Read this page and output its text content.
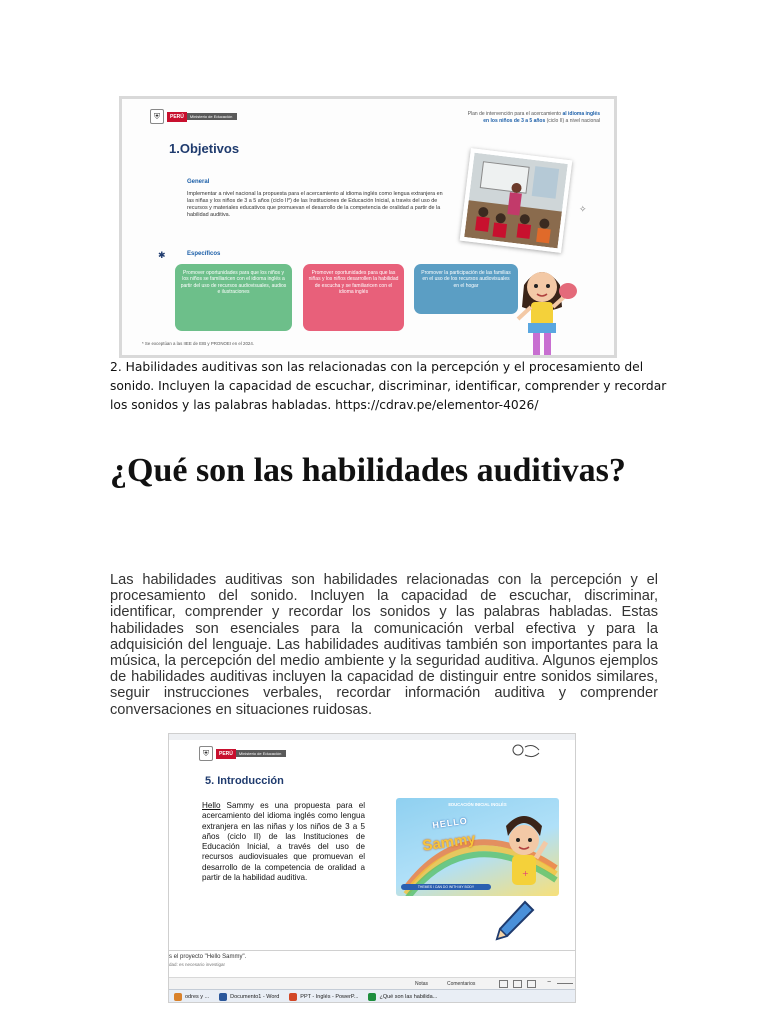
⛨	PERÚ	Ministerio de Educación	Plan de intervención para el acercamiento al idioma inglés
en los niños de 3 a 5 años (ciclo II) a nivel nacional
1.Objetivos
General
Implementar a nivel nacional la propuesta para el acercamiento al idioma inglés como lengua extranjera en las niñas y los niños de 3 a 5 años (ciclo II*) de las Instituciones de Educación Inicial, a través del uso de recursos y materiales educativos que promuevan el desarrollo de la competencia de oralidad a partir de la habilidad auditiva.
✱	Específicos
Promover oportunidades para que los niños y los niños se familiaricen con el idioma inglés a partir del uso de recursos audiovisuales, audios e ilustraciones
Promover oportunidades para que las niñas y los niños desarrollen la habilidad de escucha y se familiaricen con el idioma inglés
Promover la participación de las familias en el uso de los recursos audiovisuales en el hogar
✧
* Se exceptúan a las IIEE de EIB y PRONOEI en el 2024.
2. Habilidades auditivas son las relacionadas con la percepción y el procesamiento del sonido. Incluyen la capacidad de escuchar, discriminar, identificar, comprender y recordar los sonidos y las palabras habladas. https://cdrav.pe/elementor-4026/
¿Qué son las habilidades auditivas?

Las habilidades auditivas son habilidades relacionadas con la percepción y el procesamiento del sonido. Incluyen la capacidad de escuchar, discriminar, identificar, comprender y recordar los sonidos y las palabras habladas. Estas habilidades son esenciales para la comunicación verbal efectiva y para la adquisición del lenguaje. Las habilidades auditivas también son importantes para la música, la percepción del medio ambiente y la seguridad auditiva. Algunos ejemplos de habilidades auditivas incluyen la capacidad de distinguir entre sonidos similares, seguir instrucciones verbales, recordar información auditiva y comprender conversaciones en situaciones ruidosas.

⛨	PERÚ	Ministerio de Educación
5. Introducción
Hello Sammy es una propuesta para el acercamiento del idioma inglés como lengua extranjera en las niñas y los niños de 3 a 5 años (ciclo II) de las Instituciones de Educación Inicial, a través del uso de recursos audiovisuales que promuevan el desarrollo de la competencia de oralidad a partir de la habilidad auditiva.
EDUCACIÓN INICIAL INGLÉS
+
HELLO
Sammy
THEMES I CAN DO WITH MY BODY
s el proyecto "Hello Sammy".
dad: es necesario investigar
Notas	Comentarios	−
odres y ...	Documento1 - Word	PPT - Inglés - PowerP...	¿Qué son las habilida...
